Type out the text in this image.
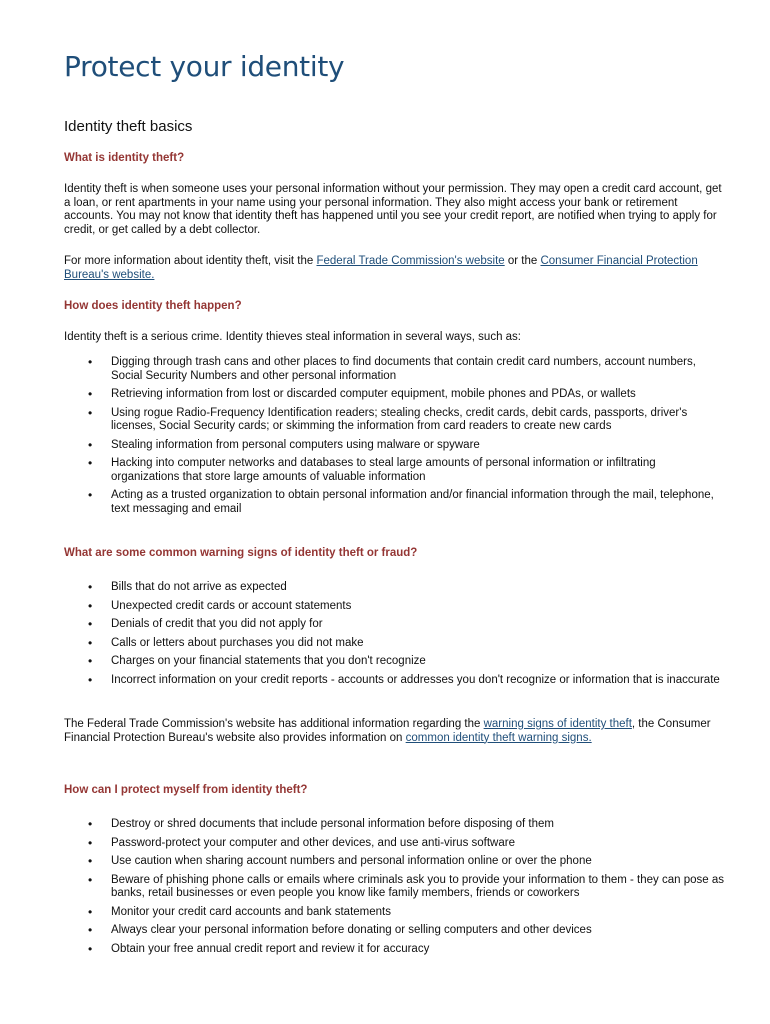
Protect your identity
Identity theft basics
What is identity theft?

Identity theft is when someone uses your personal information without your permission. They may open a credit card account, get a loan, or rent apartments in your name using your personal information. They also might access your bank or retirement accounts. You may not know that identity theft has happened until you see your credit report, are notified when trying to apply for credit, or get called by a debt collector.

For more information about identity theft, visit the Federal Trade Commission's website or the Consumer Financial Protection Bureau's website.

How does identity theft happen?

Identity theft is a serious crime. Identity thieves steal information in several ways, such as:

• Digging through trash cans and other places to find documents that contain credit card numbers, account numbers, Social Security Numbers and other personal information
• Retrieving information from lost or discarded computer equipment, mobile phones and PDAs, or wallets
• Using rogue Radio-Frequency Identification readers; stealing checks, credit cards, debit cards, passports, driver's licenses, Social Security cards; or skimming the information from card readers to create new cards
• Stealing information from personal computers using malware or spyware
• Hacking into computer networks and databases to steal large amounts of personal information or infiltrating organizations that store large amounts of valuable information
• Acting as a trusted organization to obtain personal information and/or financial information through the mail, telephone, text messaging and email
What are some common warning signs of identity theft or fraud?
• Bills that do not arrive as expected
• Unexpected credit cards or account statements
• Denials of credit that you did not apply for
• Calls or letters about purchases you did not make
• Charges on your financial statements that you don't recognize
• Incorrect information on your credit reports - accounts or addresses you don't recognize or information that is inaccurate

The Federal Trade Commission's website has additional information regarding the warning signs of identity theft, the Consumer Financial Protection Bureau's website also provides information on common identity theft warning signs.

How can I protect myself from identity theft?
• Destroy or shred documents that include personal information before disposing of them
• Password-protect your computer and other devices, and use anti-virus software
• Use caution when sharing account numbers and personal information online or over the phone
• Beware of phishing phone calls or emails where criminals ask you to provide your information to them - they can pose as banks, retail businesses or even people you know like family members, friends or coworkers
• Monitor your credit card accounts and bank statements
• Always clear your personal information before donating or selling computers and other devices
• Obtain your free annual credit report and review it for accuracy
